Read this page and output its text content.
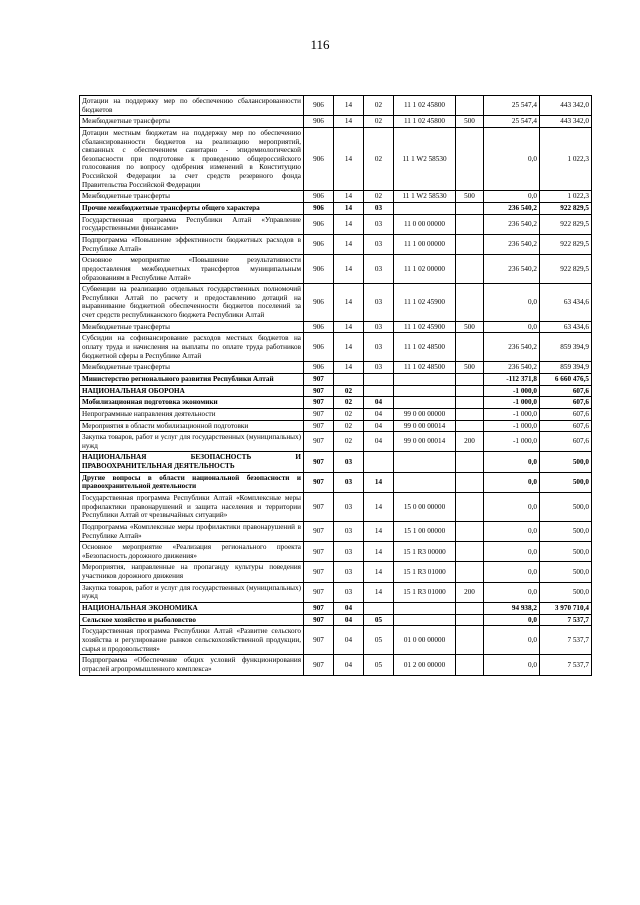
116
Дотации на поддержку мер по обеспечению сбалансированности бюджетов	906	14	02	11 1 02 45800		25 547,4	443 342,0
Межбюджетные трансферты	906	14	02	11 1 02 45800	500	25 547,4	443 342,0
Дотации местным бюджетам на поддержку мер по обеспечению сбалансированности бюджетов на реализацию мероприятий, связанных с обеспечением санитарно - эпидемиологической безопасности при подготовке к проведению общероссийского голосования по вопросу одобрения изменений в Конституцию Российской Федерации за счет средств резервного фонда Правительства Российской Федерации	906	14	02	11 1 W2 58530		0,0	1 022,3
Межбюджетные трансферты	906	14	02	11 1 W2 58530	500	0,0	1 022,3
Прочие межбюджетные трансферты общего характера	906	14	03			236 540,2	922 829,5
Государственная программа Республики Алтай «Управление государственными финансами»	906	14	03	11 0 00 00000		236 540,2	922 829,5
Подпрограмма «Повышение эффективности бюджетных расходов в Республике Алтай»	906	14	03	11 1 00 00000		236 540,2	922 829,5
Основное мероприятие «Повышение результативности предоставления межбюджетных трансфертов муниципальным образованиям в Республике Алтай»	906	14	03	11 1 02 00000		236 540,2	922 829,5
Субвенции на реализацию отдельных государственных полномочий Республики Алтай по расчету и предоставлению дотаций на выравнивание бюджетной обеспеченности бюджетов поселений за счет средств республиканского бюджета Республики Алтай	906	14	03	11 1 02 45900		0,0	63 434,6
Межбюджетные трансферты	906	14	03	11 1 02 45900	500	0,0	63 434,6
Субсидии на софинансирование расходов местных бюджетов на оплату труда и начисления на выплаты по оплате труда работников бюджетной сферы в Республике Алтай	906	14	03	11 1 02 48500		236 540,2	859 394,9
Межбюджетные трансферты	906	14	03	11 1 02 48500	500	236 540,2	859 394,9
Министерство регионального развития Республики Алтай	907					-112 371,8	6 660 476,5
НАЦИОНАЛЬНАЯ ОБОРОНА	907	02				-1 000,0	607,6
Мобилизационная подготовка экономики	907	02	04			-1 000,0	607,6
Непрограммные направления деятельности	907	02	04	99 0 00 00000		-1 000,0	607,6
Мероприятия в области мобилизационной подготовки	907	02	04	99 0 00 00014		-1 000,0	607,6
Закупка товаров, работ и услуг для государственных (муниципальных) нужд	907	02	04	99 0 00 00014	200	-1 000,0	607,6
НАЦИОНАЛЬНАЯ БЕЗОПАСНОСТЬ И ПРАВООХРАНИТЕЛЬНАЯ ДЕЯТЕЛЬНОСТЬ	907	03				0,0	500,0
Другие вопросы в области национальной безопасности и правоохранительной деятельности	907	03	14			0,0	500,0
Государственная программа Республики Алтай «Комплексные меры профилактики правонарушений и защита населения и территории Республики Алтай от чрезвычайных ситуаций»	907	03	14	15 0 00 00000		0,0	500,0
Подпрограмма «Комплексные меры профилактики правонарушений в Республике Алтай»	907	03	14	15 1 00 00000		0,0	500,0
Основное мероприятие «Реализация регионального проекта «Безопасность дорожного движения»	907	03	14	15 1 R3 00000		0,0	500,0
Мероприятия, направленные на пропаганду культуры поведения участников дорожного движения	907	03	14	15 1 R3 01000		0,0	500,0
Закупка товаров, работ и услуг для государственных (муниципальных) нужд	907	03	14	15 1 R3 01000	200	0,0	500,0
НАЦИОНАЛЬНАЯ ЭКОНОМИКА	907	04				94 938,2	3 970 710,4
Сельское хозяйство и рыболовство	907	04	05			0,0	7 537,7
Государственная программа Республики Алтай «Развитие сельского хозяйства и регулирование рынков сельскохозяйственной продукции, сырья и продовольствия»	907	04	05	01 0 00 00000		0,0	7 537,7
Подпрограмма «Обеспечение общих условий функционирования отраслей агропромышленного комплекса»	907	04	05	01 2 00 00000		0,0	7 537,7
